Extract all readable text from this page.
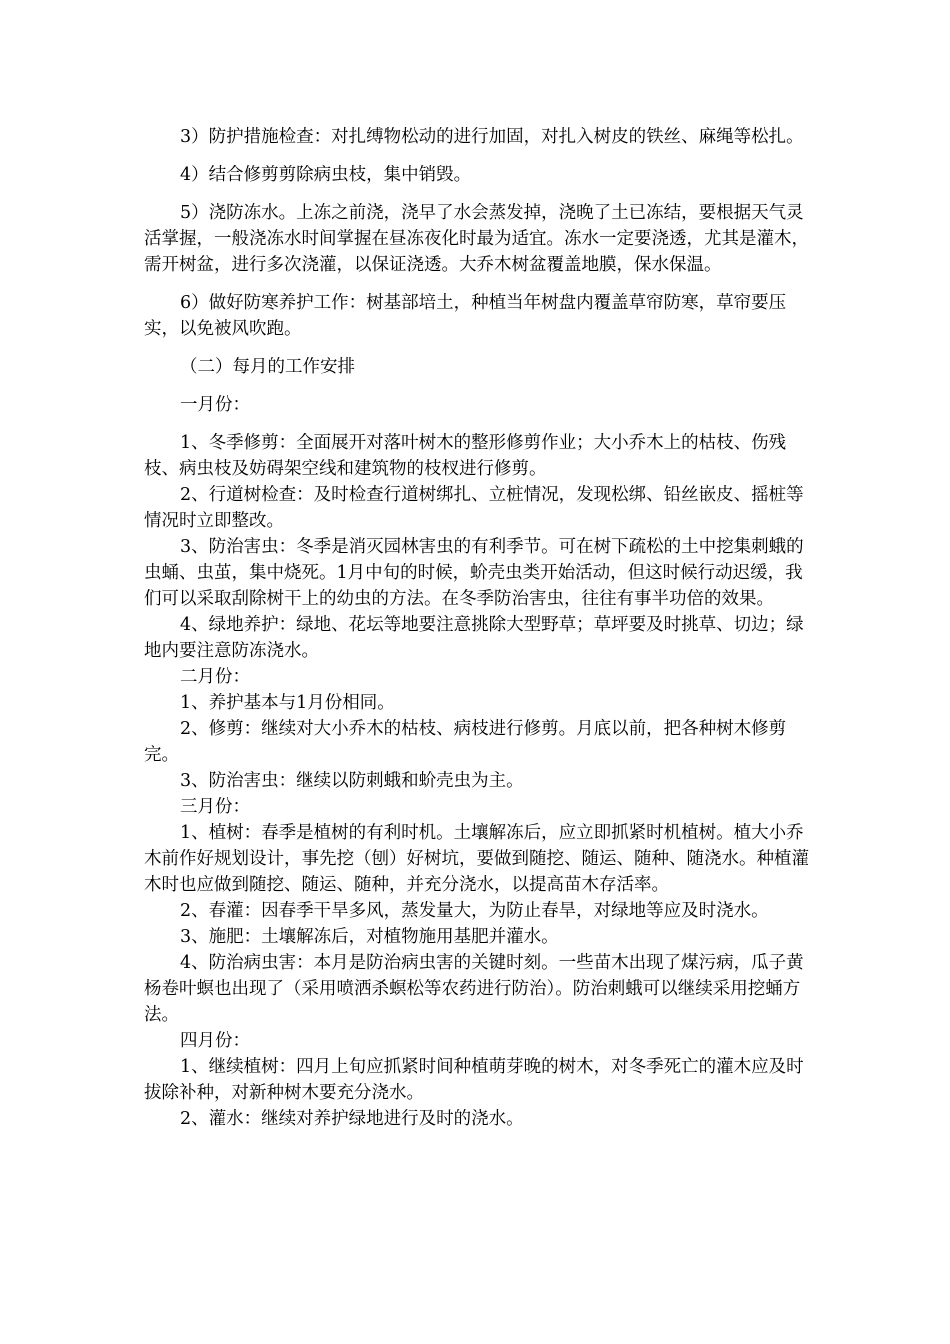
3）防护措施检查：对扎缚物松动的进行加固，对扎入树皮的铁丝、麻绳等松扎。

4）结合修剪剪除病虫枝，集中销毁。

5）浇防冻水。上冻之前浇，浇早了水会蒸发掉，浇晚了土已冻结，要根据天气灵活掌握，一般浇冻水时间掌握在昼冻夜化时最为适宜。冻水一定要浇透，尤其是灌木，需开树盆，进行多次浇灌，以保证浇透。大乔木树盆覆盖地膜，保水保温。

6）做好防寒养护工作：树基部培土，种植当年树盘内覆盖草帘防寒，草帘要压实，以免被风吹跑。

（二）每月的工作安排

一月份：

1、冬季修剪：全面展开对落叶树木的整形修剪作业；大小乔木上的枯枝、伤残枝、病虫枝及妨碍架空线和建筑物的枝杈进行修剪。

2、行道树检查：及时检查行道树绑扎、立桩情况，发现松绑、铅丝嵌皮、摇桩等情况时立即整改。

3、防治害虫：冬季是消灭园林害虫的有利季节。可在树下疏松的土中挖集刺蛾的虫蛹、虫茧，集中烧死。1月中旬的时候，蚧壳虫类开始活动，但这时候行动迟缓，我们可以采取刮除树干上的幼虫的方法。在冬季防治害虫，往往有事半功倍的效果。

4、绿地养护：绿地、花坛等地要注意挑除大型野草；草坪要及时挑草、切边；绿地内要注意防冻浇水。

二月份：

1、养护基本与1月份相同。

2、修剪：继续对大小乔木的枯枝、病枝进行修剪。月底以前，把各种树木修剪完。

3、防治害虫：继续以防刺蛾和蚧壳虫为主。

三月份：

1、植树：春季是植树的有利时机。土壤解冻后，应立即抓紧时机植树。植大小乔木前作好规划设计，事先挖（刨）好树坑，要做到随挖、随运、随种、随浇水。种植灌木时也应做到随挖、随运、随种，并充分浇水，以提高苗木存活率。

2、春灌：因春季干旱多风，蒸发量大，为防止春旱，对绿地等应及时浇水。

3、施肥：土壤解冻后，对植物施用基肥并灌水。

4、防治病虫害：本月是防治病虫害的关键时刻。一些苗木出现了煤污病，瓜子黄杨卷叶螟也出现了（采用喷洒杀螟松等农药进行防治）。防治刺蛾可以继续采用挖蛹方法。

四月份：

1、继续植树：四月上旬应抓紧时间种植萌芽晚的树木，对冬季死亡的灌木应及时拔除补种，对新种树木要充分浇水。

2、灌水：继续对养护绿地进行及时的浇水。
